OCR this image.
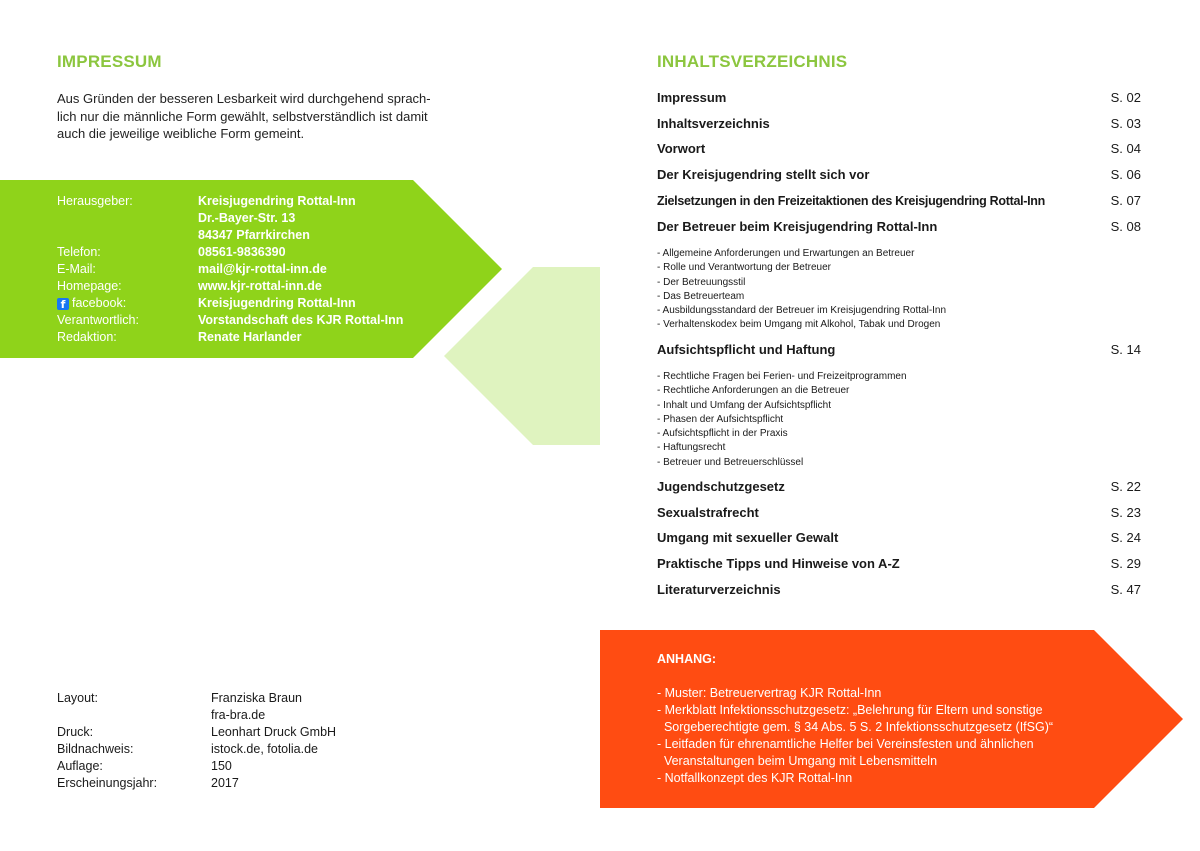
IMPRESSUM
Aus Gründen der besseren Lesbarkeit wird durchgehend sprach-
lich nur die männliche Form gewählt, selbstverständlich ist damit
auch die jeweilige weibliche Form gemeint.
Herausgeber:	Kreisjugendring Rottal-Inn
Dr.-Bayer-Str. 13
84347 Pfarrkirchen
Telefon:	08561-9836390
E-Mail:	mail@kjr-rottal-inn.de
Homepage:	www.kjr-rottal-inn.de
f facebook:	Kreisjugendring Rottal-Inn
Verantwortlich:	Vorstandschaft des KJR Rottal-Inn
Redaktion:	Renate Harlander
Layout:	Franziska Braun
fra-bra.de
Druck:	Leonhart Druck GmbH
Bildnachweis:	istock.de, fotolia.de
Auflage:	150
Erscheinungsjahr:	2017
INHALTSVERZEICHNIS
Impressum	S. 02
Inhaltsverzeichnis	S. 03
Vorwort	S. 04
Der Kreisjugendring stellt sich vor	S. 06
Zielsetzungen in den Freizeitaktionen des Kreisjugendring Rottal-Inn	S. 07
Der Betreuer beim Kreisjugendring Rottal-Inn	S. 08
- Allgemeine Anforderungen und Erwartungen an Betreuer
- Rolle und Verantwortung der Betreuer
- Der Betreuungsstil
- Das Betreuerteam
- Ausbildungsstandard der Betreuer im Kreisjugendring Rottal-Inn
- Verhaltenskodex beim Umgang mit Alkohol, Tabak und Drogen
Aufsichtspflicht und Haftung	S. 14
- Rechtliche Fragen bei Ferien- und Freizeitprogrammen
- Rechtliche Anforderungen an die Betreuer
- Inhalt und Umfang der Aufsichtspflicht
- Phasen der Aufsichtspflicht
- Aufsichtspflicht in der Praxis
- Haftungsrecht
- Betreuer und Betreuerschlüssel
Jugendschutzgesetz	S. 22
Sexualstrafrecht	S. 23
Umgang mit sexueller Gewalt	S. 24
Praktische Tipps und Hinweise von A-Z	S. 29
Literaturverzeichnis	S. 47
ANHANG:
- Muster: Betreuervertrag KJR Rottal-Inn
- Merkblatt Infektionsschutzgesetz: „Belehrung für Eltern und sonstige
Sorgeberechtigte gem. § 34 Abs. 5 S. 2 Infektionsschutzgesetz (IfSG)“
- Leitfaden für ehrenamtliche Helfer bei Vereinsfesten und ähnlichen
Veranstaltungen beim Umgang mit Lebensmitteln
- Notfallkonzept des KJR Rottal-Inn
